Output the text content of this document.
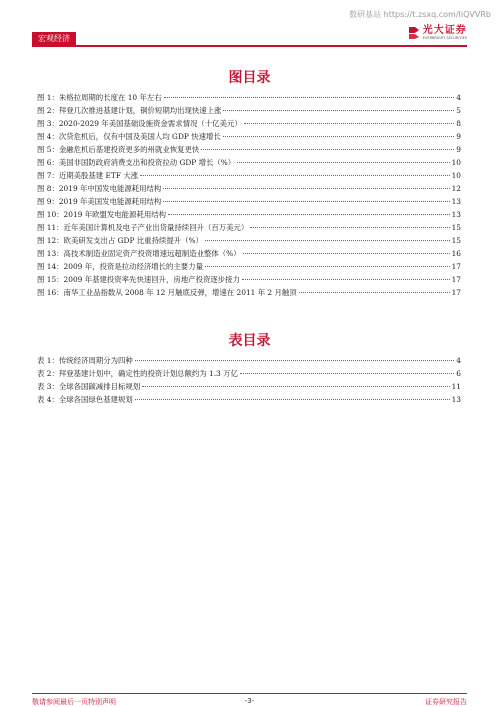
数研基站 https://t.zsxq.com/IiQVVRb
宏观经济
光大证券
EVERBRIGHT SECURITIES
图目录
图 1： 朱格拉周期的长度在 10 年左右	4
图 2： 拜登几次推进基建计划，铜价短期均出现快速上涨	5
图 3： 2020-2029 年美国基础设施资金需求情况（十亿美元）	8
图 4： 次贷危机后，仅有中国及美国人均 GDP 快速增长	9
图 5： 金融危机后基建投资更多的州就业恢复更快	9
图 6： 美国非国防政府消费支出和投资拉动 GDP 增长（%）	10
图 7： 近期美股基建 ETF 大涨	10
图 8： 2019 年中国发电能源耗用结构	12
图 9： 2019 年美国发电能源耗用结构	13
图 10： 2019 年欧盟发电能源耗用结构	13
图 11： 近年美国计算机及电子产业出货量持续回升（百万美元）	15
图 12： 欧美研发支出占 GDP 比重持续提升（%）	15
图 13： 高技术制造业固定资产投资增速远超制造业整体（%）	16
图 14： 2009 年，投资是拉动经济增长的主要力量	17
图 15： 2009 年基建投资率先快速回升，房地产投资逐步接力	17
图 16： 南华工业品指数从 2008 年 12 月触底反弹，增速在 2011 年 2 月触顶	17
表目录
表 1： 传统经济周期分为四种	4
表 2： 拜登基建计划中，确定性的投资计划总额约为 1.3 万亿	6
表 3： 全球各国碳减排目标规划	11
表 4： 全球各国绿色基建规划	13
敬请参阅最后一页特别声明	-3-	证券研究报告
